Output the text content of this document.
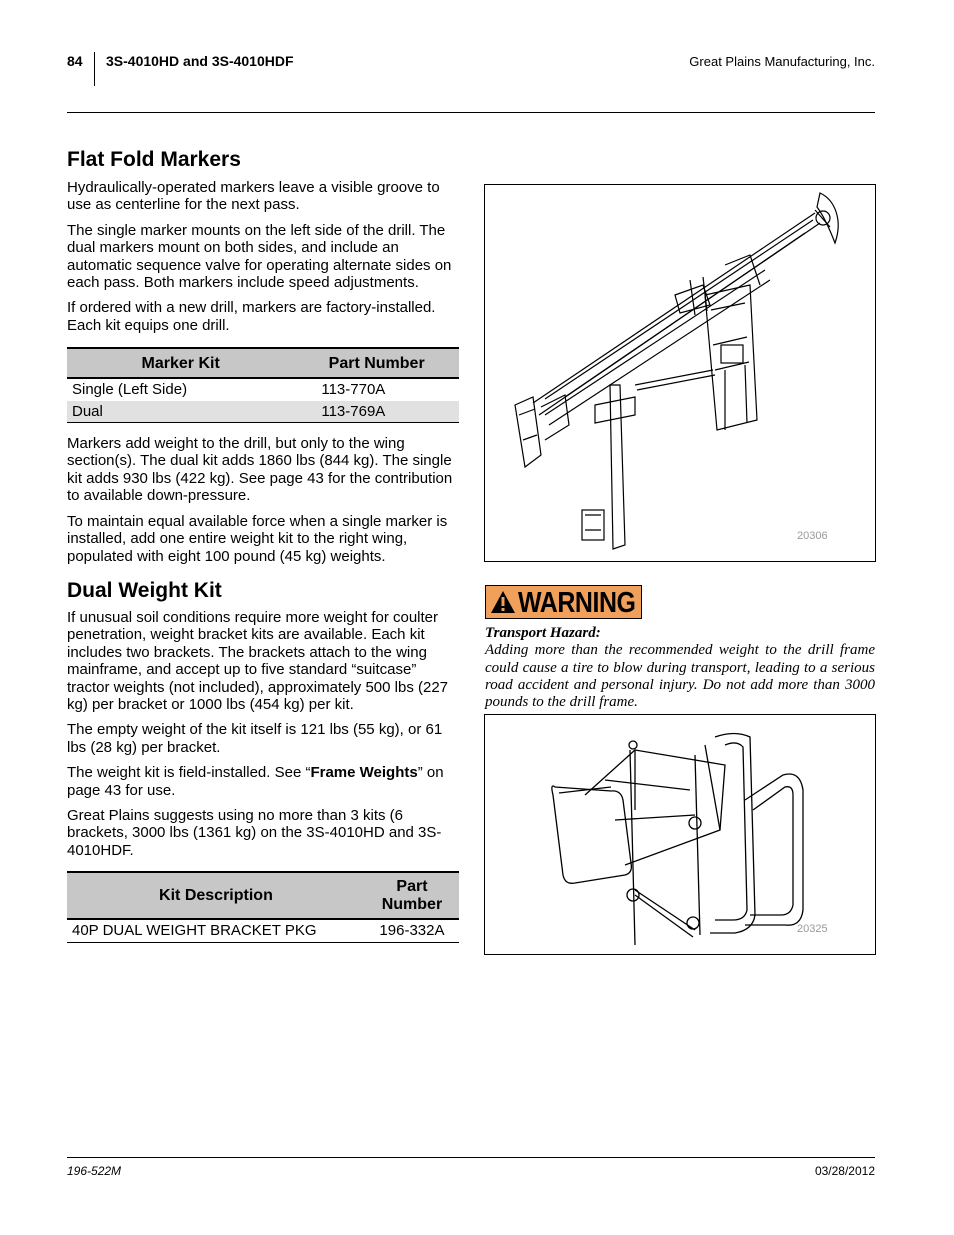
84 3S-4010HD and 3S-4010HDF	Great Plains Manufacturing, Inc.
Flat Fold Markers

Hydraulically-operated markers leave a visible groove to use as centerline for the next pass.

The single marker mounts on the left side of the drill. The dual markers mount on both sides, and include an automatic sequence valve for operating alternate sides on each pass. Both markers include speed adjustments.

If ordered with a new drill, markers are factory-installed. Each kit equips one drill.

Marker Kit	Part Number
Single (Left Side)	113-770A
Dual	113-769A

Markers add weight to the drill, but only to the wing section(s). The dual kit adds 1860 lbs (844 kg). The single kit adds 930 lbs (422 kg). See page 43 for the contribution to available down-pressure.

To maintain equal available force when a single marker is installed, add one entire weight kit to the right wing, populated with eight 100 pound (45 kg) weights.

Dual Weight Kit

If unusual soil conditions require more weight for coulter penetration, weight bracket kits are available. Each kit includes two brackets. The brackets attach to the wing mainframe, and accept up to five standard “suitcase” tractor weights (not included), approximately 500 lbs (227 kg) per bracket or 1000 lbs (454 kg) per kit.

The empty weight of the kit itself is 121 lbs (55 kg), or 61 lbs (28 kg) per bracket.

The weight kit is field-installed. See “Frame Weights” on page 43 for use.

Great Plains suggests using no more than 3 kits (6 brackets, 3000 lbs (1361 kg) on the 3S-4010HD and 3S-4010HDF.

Kit Description	Part Number
40P DUAL WEIGHT BRACKET PKG	196-332A
20306
WARNING
Transport Hazard:
Adding more than the recommended weight to the drill frame could cause a tire to blow during transport, leading to a serious road accident and personal injury. Do not add more than 3000 pounds to the drill frame.
20325
196-522M	03/28/2012
